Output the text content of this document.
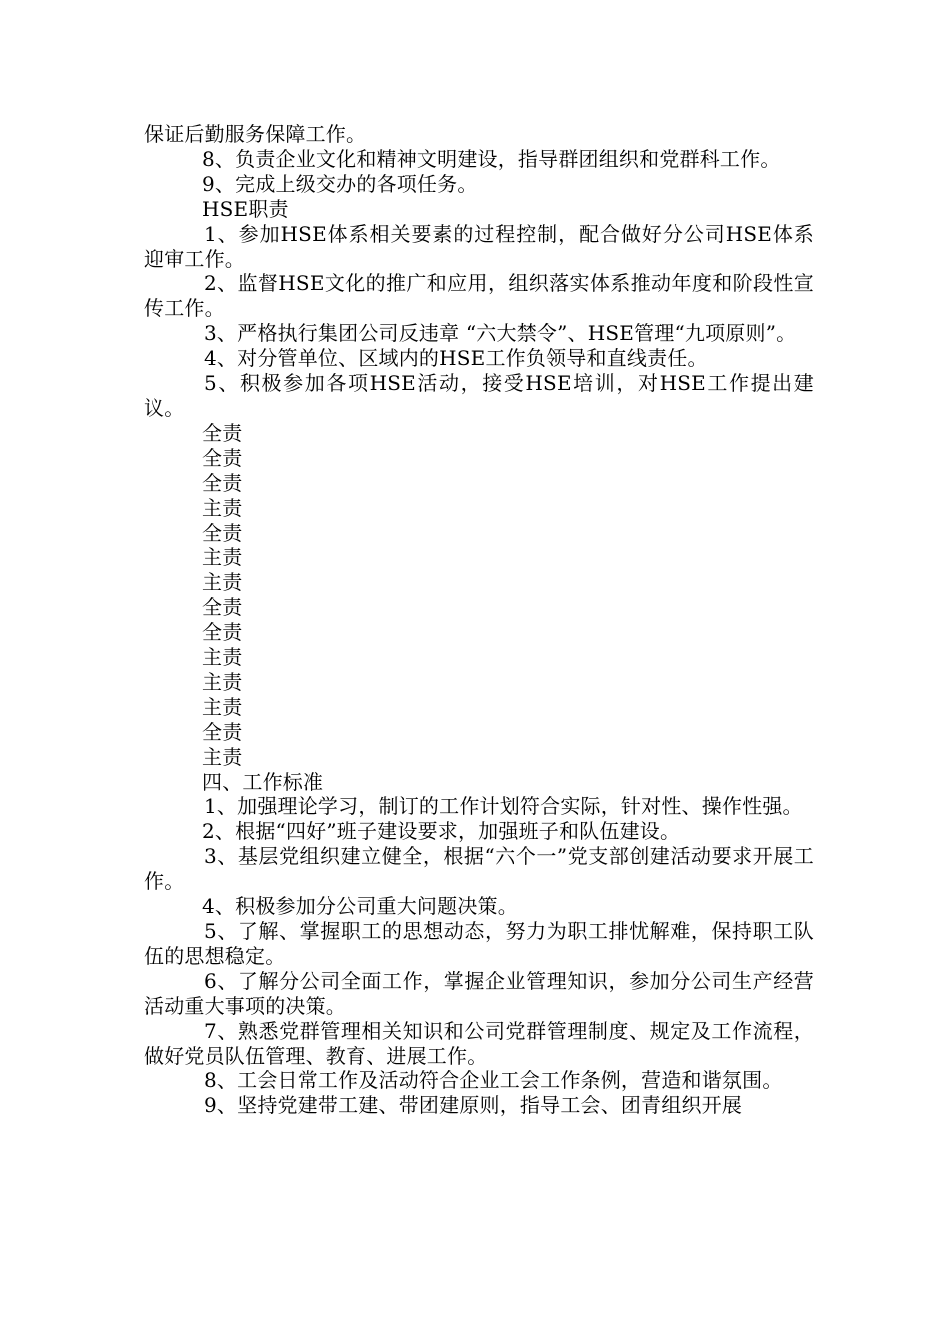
保证后勤服务保障工作。

8、负责企业文化和精神文明建设，指导群团组织和党群科工作。

9、完成上级交办的各项任务。

HSE职责

1、参加HSE体系相关要素的过程控制，配合做好分公司HSE体系迎审工作。

2、监督HSE文化的推广和应用，组织落实体系推动年度和阶段性宣传工作。

3、严格执行集团公司反违章 “六大禁令”、HSE管理“九项原则”。

4、对分管单位、区域内的HSE工作负领导和直线责任。

5、积极参加各项HSE活动，接受HSE培训，对HSE工作提出建议。

全责

全责

全责

主责

全责

主责

主责

全责

全责

主责

主责

主责

全责

主责

四、工作标准

1、加强理论学习，制订的工作计划符合实际，针对性、操作性强。

2、根据“四好”班子建设要求，加强班子和队伍建设。

3、基层党组织建立健全，根据“六个一”党支部创建活动要求开展工作。

4、积极参加分公司重大问题决策。

5、了解、掌握职工的思想动态，努力为职工排忧解难，保持职工队伍的思想稳定。

6、了解分公司全面工作，掌握企业管理知识，参加分公司生产经营活动重大事项的决策。

7、熟悉党群管理相关知识和公司党群管理制度、规定及工作流程，做好党员队伍管理、教育、进展工作。

8、工会日常工作及活动符合企业工会工作条例，营造和谐氛围。

9、坚持党建带工建、带团建原则，指导工会、团青组织开展
